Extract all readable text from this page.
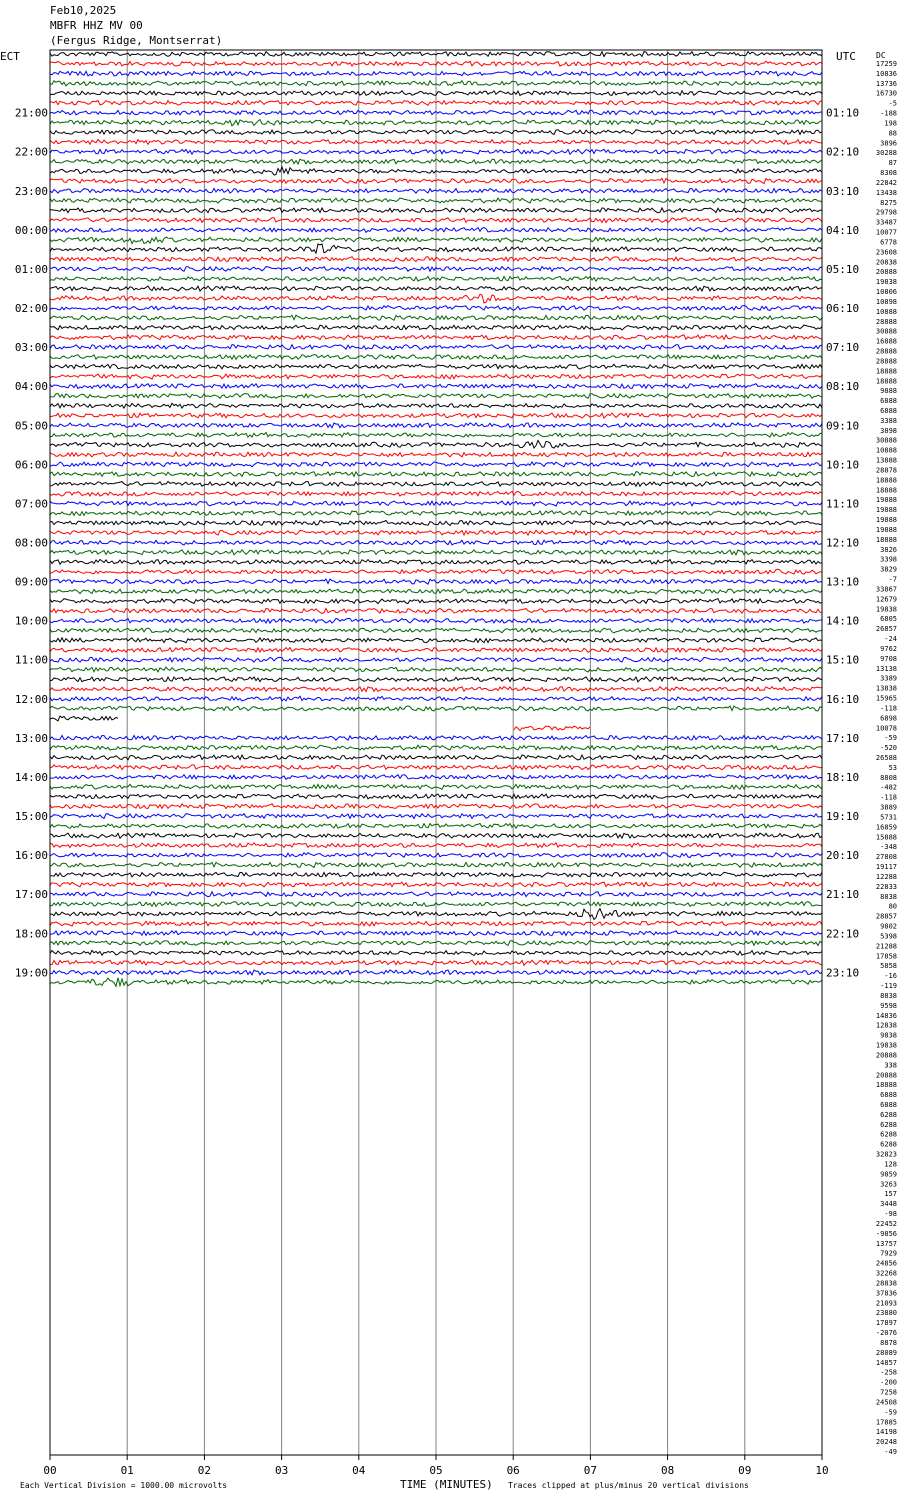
Feb10,2025
MBFR HHZ MV 00
(Fergus Ridge, Montserrat)
00	01	02	03	04	05	06	07	08	09	10
21:00
22:00
23:00
00:00
01:00
02:00
03:00
04:00
05:00
06:00
07:00
08:00
09:00
10:00
11:00
12:00
13:00
14:00
15:00
16:00
17:00
18:00
19:00
01:10
02:10
03:10
04:10
05:10
06:10
07:10
08:10
09:10
10:10
11:10
12:10
13:10
14:10
15:10
16:10
17:10
18:10
19:10
20:10
21:10
22:10
23:10
17259
10836
13736
16730
-5
-188
198
88
3896
30288
87
8308
22842
13438
8275
29798
33487
10077
6778
23608
20838
20888
19838
10806
10898
10888
28888
30888
16888
28888
28888
18888
18888
9888
6888
6888
3388
3898
30888
10888
13888
28878
18888
18888
19888
19888
19888
19888
18888
3826
3398
3829
-7
33867
12679
19838
6805
26857
-24
9762
9708
13138
3389
13838
15965
-118
6898
10078
-59
-520
26588
53
8808
-482
-118
3889
5731
16859
15888
-348
27808
19117
12288
22833
8838
80
28857
9802
5398
21288
17858
5858
-16
-119
8838
9598
14836
12838
9838
19838
20888
338
20888
18888
6888
6888
6288
6288
6288
6288
32823
128
9859
3263
157
3448
-98
22452
-9856
13757
7929
24856
32268
28838
37836
21093
23880
17897
-2076
8878
28089
14857
-258
-200
7258
24508
-59
17885
14198
20248
-49
ECT	UTC	DC
TIME (MINUTES)
Each Vertical Division = 1000.00 microvolts	Traces clipped at plus/minus 20 vertical divisions
